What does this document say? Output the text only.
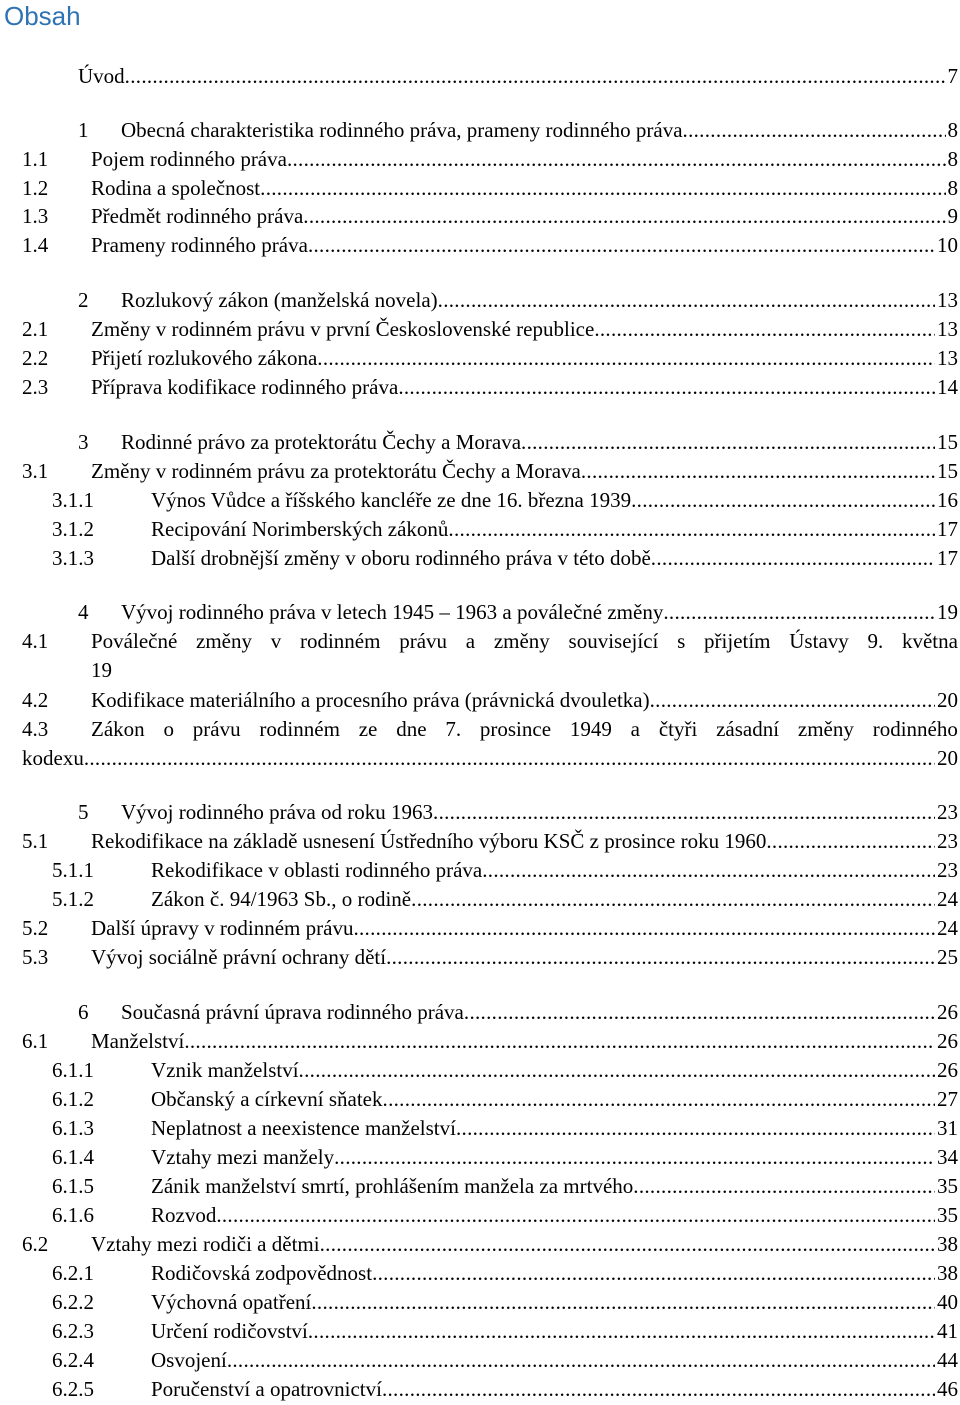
Obsah
Úvod .....	7
1	Obecná charakteristika rodinného práva, prameny rodinného práva .....	8
1.1	Pojem rodinného práva .....	8
1.2	Rodina a společnost .....	8
1.3	Předmět rodinného práva .....	9
1.4	Prameny rodinného práva .....	10
2	Rozlukový zákon (manželská novela) .....	13
2.1	Změny v rodinném právu v první Československé republice .....	13
2.2	Přijetí rozlukového zákona .....	13
2.3	Příprava kodifikace rodinného práva .....	14
3	Rodinné právo za protektorátu Čechy a Morava .....	15
3.1	Změny v rodinném právu za protektorátu Čechy a Morava .....	15
3.1.1	Výnos Vůdce a říšského kancléře ze dne 16. března 1939 .....	16
3.1.2	Recipování Norimberských zákonů .....	17
3.1.3	Další drobnější změny v oboru rodinného práva v této době .....	17
4	Vývoj rodinného práva v letech 1945 – 1963 a poválečné změny .....	19
4.1	Poválečné změny v rodinném právu a změny související s přijetím Ústavy 9. května
19
4.2	Kodifikace materiálního a procesního práva (právnická dvouletka) .....	20
4.3	Zákon o právu rodinném ze dne 7. prosince 1949 a čtyři zásadní změny rodinného
kodexu .....	20
5	Vývoj rodinného práva od roku 1963 .....	23
5.1	Rekodifikace na základě usnesení Ústředního výboru KSČ z prosince roku 1960 .....	23
5.1.1	Rekodifikace v oblasti rodinného práva .....	23
5.1.2	Zákon č. 94/1963 Sb., o rodině .....	24
5.2	Další úpravy v rodinném právu .....	24
5.3	Vývoj sociálně právní ochrany dětí .....	25
6	Současná právní úprava rodinného práva .....	26
6.1	Manželství .....	26
6.1.1	Vznik manželství .....	26
6.1.2	Občanský a církevní sňatek .....	27
6.1.3	Neplatnost a neexistence manželství .....	31
6.1.4	Vztahy mezi manžely .....	34
6.1.5	Zánik manželství smrtí, prohlášením manžela za mrtvého .....	35
6.1.6	Rozvod .....	35
6.2	Vztahy mezi rodiči a dětmi .....	38
6.2.1	Rodičovská zodpovědnost .....	38
6.2.2	Výchovná opatření .....	40
6.2.3	Určení rodičovství .....	41
6.2.4	Osvojení .....	44
6.2.5	Poručenství a opatrovnictví .....	46
